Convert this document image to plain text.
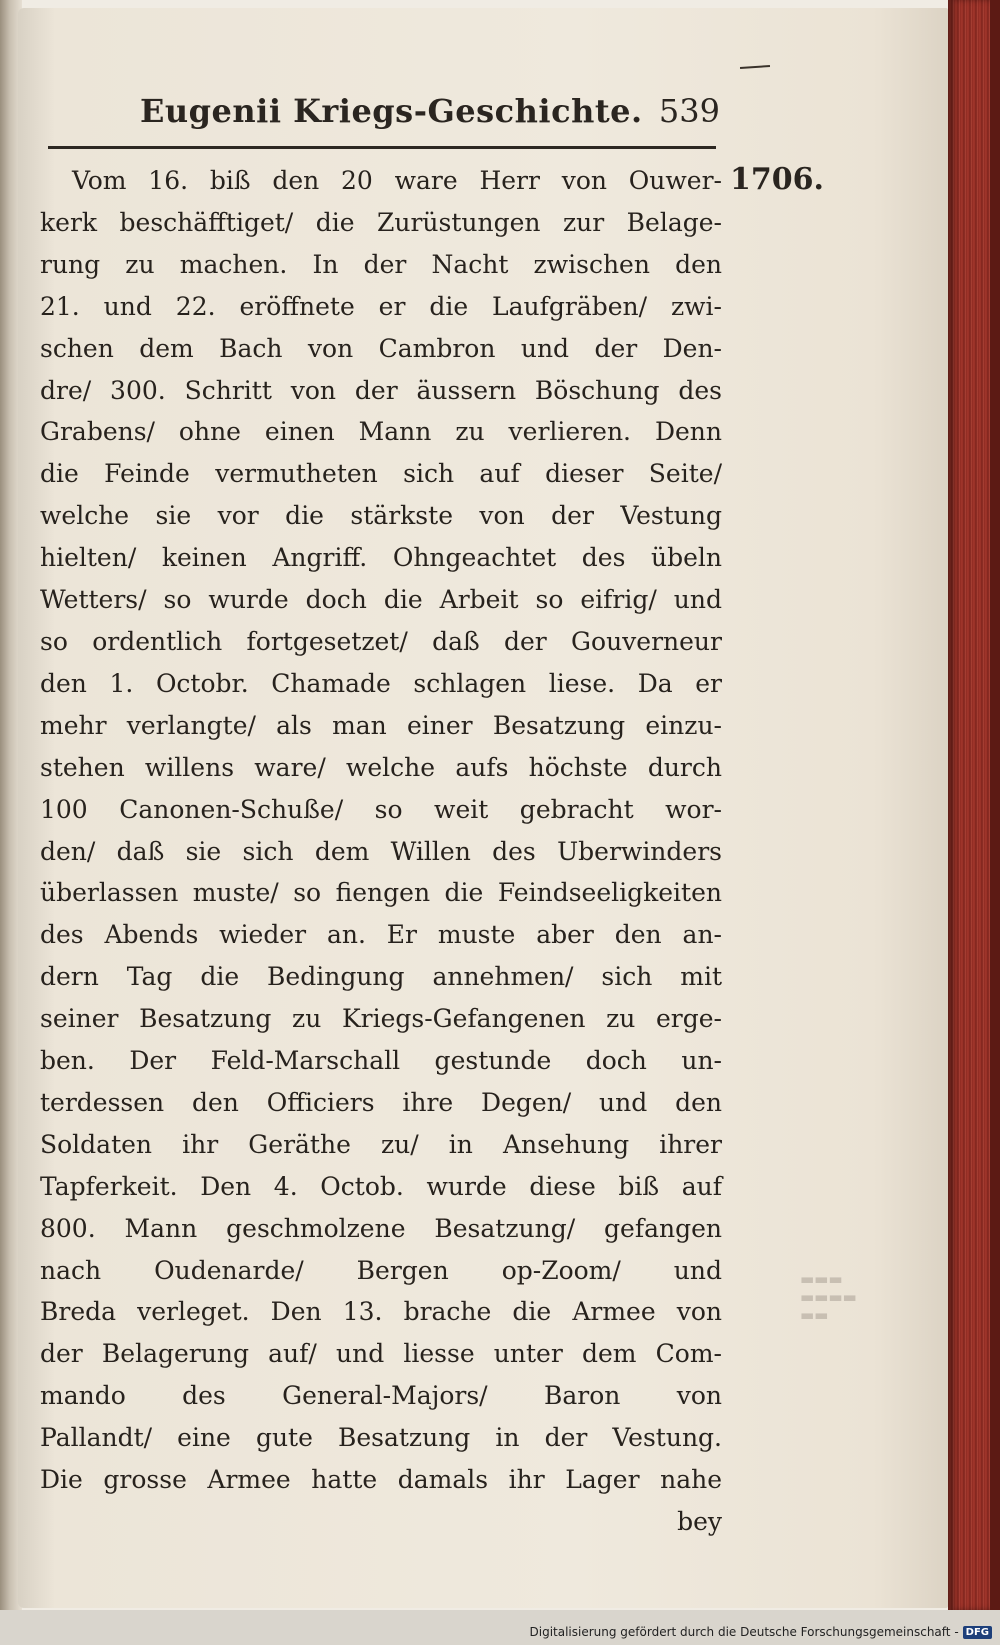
Eugenii Kriegs-Geschichte. 539
1706.
Vom 16. biß den 20 ware Herr von Ouwer-
kerk beschäfftiget/ die Zurüstungen zur Belage-
rung zu machen. In der Nacht zwischen den
21. und 22. eröffnete er die Laufgräben/ zwi-
schen dem Bach von Cambron und der Den-
dre/ 300. Schritt von der äussern Böschung des
Grabens/ ohne einen Mann zu verlieren. Denn
die Feinde vermutheten sich auf dieser Seite/
welche sie vor die stärkste von der Vestung
hielten/ keinen Angriff. Ohngeachtet des übeln
Wetters/ so wurde doch die Arbeit so eifrig/ und
so ordentlich fortgesetzet/ daß der Gouverneur
den 1. Octobr. Chamade schlagen liese. Da er
mehr verlangte/ als man einer Besatzung einzu-
stehen willens ware/ welche aufs höchste durch
100 Canonen-Schuße/ so weit gebracht wor-
den/ daß sie sich dem Willen des Uberwinders
überlassen muste/ so fiengen die Feindseeligkeiten
des Abends wieder an. Er muste aber den an-
dern Tag die Bedingung annehmen/ sich mit
seiner Besatzung zu Kriegs-Gefangenen zu erge-
ben. Der Feld-Marschall gestunde doch un-
terdessen den Officiers ihre Degen/ und den
Soldaten ihr Geräthe zu/ in Ansehung ihrer
Tapferkeit. Den 4. Octob. wurde diese biß auf
800. Mann geschmolzene Besatzung/ gefangen
nach Oudenarde/ Bergen op-Zoom/ und
Breda verleget. Den 13. brache die Armee von
der Belagerung auf/ und liesse unter dem Com-
mando des General-Majors/ Baron von
Pallandt/ eine gute Besatzung in der Vestung.
Die grosse Armee hatte damals ihr Lager nahe
bey
▬▬▬
▬▬▬▬
▬▬
Digitalisierung gefördert durch die Deutsche Forschungsgemeinschaft - DFG
